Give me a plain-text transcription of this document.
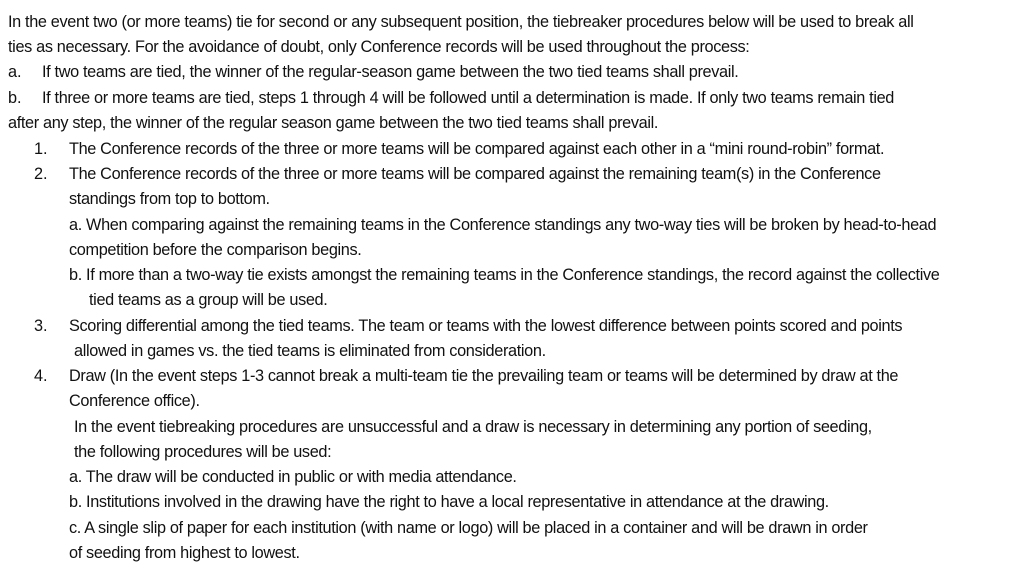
In the event two (or more teams) tie for second or any subsequent position, the tiebreaker procedures below will be used to break all
ties as necessary. For the avoidance of doubt, only Conference records will be used throughout the process:
a. If two teams are tied, the winner of the regular-season game between the two tied teams shall prevail.
b. If three or more teams are tied, steps 1 through 4 will be followed until a determination is made. If only two teams remain tied
after any step, the winner of the regular season game between the two tied teams shall prevail.
1. The Conference records of the three or more teams will be compared against each other in a “mini round-robin” format.
2. The Conference records of the three or more teams will be compared against the remaining team(s) in the Conference
standings from top to bottom.
a. When comparing against the remaining teams in the Conference standings any two-way ties will be broken by head-to-head
competition before the comparison begins.
b. If more than a two-way tie exists amongst the remaining teams in the Conference standings, the record against the collective
tied teams as a group will be used.
3. Scoring differential among the tied teams. The team or teams with the lowest difference between points scored and points
allowed in games vs. the tied teams is eliminated from consideration.
4. Draw (In the event steps 1-3 cannot break a multi-team tie the prevailing team or teams will be determined by draw at the
Conference office).
In the event tiebreaking procedures are unsuccessful and a draw is necessary in determining any portion of seeding,
the following procedures will be used:
a. The draw will be conducted in public or with media attendance.
b. Institutions involved in the drawing have the right to have a local representative in attendance at the drawing.
c. A single slip of paper for each institution (with name or logo) will be placed in a container and will be drawn in order
of seeding from highest to lowest.
